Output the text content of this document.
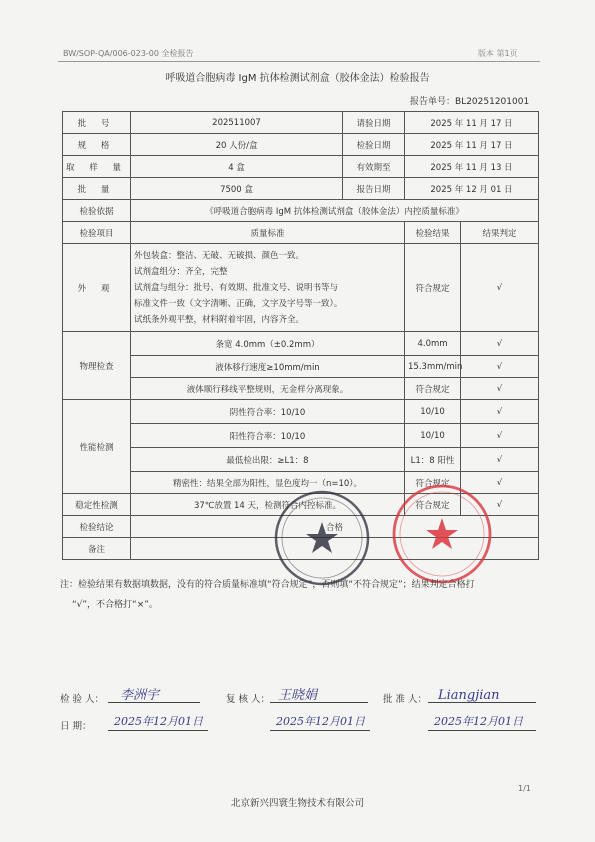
BW/SOP-QA/006-023-00 全检报告	版本 第1页
呼吸道合胞病毒 IgM 抗体检测试剂盒（胶体金法）检验报告
报告单号：BL20251201001
批 号	202511007	请验日期	2025 年 11 月 17 日	
规 格	20 人份/盒	检验日期	2025 年 11 月 17 日	
取 样 量	4 盒	有效期至	2025 年 11 月 13 日	
批 量	7500 盒	报告日期	2025 年 12 月 01 日	
检验依据	《呼吸道合胞病毒 IgM 抗体检测试剂盒（胶体金法）内控质量标准》			
检验项目	质量标准		检验结果	结果判定
外 观	外包装盒：整洁、无破、无破损、颜色一致。
试剂盒组分：齐全，完整
试剂盒与组分：批号、有效期、批准文号、说明书等与
标准文件一致（文字清晰、正确，文字及字号等一致）。
试纸条外观平整，材料附着牢固，内容齐全。		符合规定	√
物理检查	条宽 4.0mm（±0.2mm）		4.0mm	√
	液体移行速度≥10mm/min		15.3mm/min	√
	液体顺行移线平整规则，无金样分离现象。		符合规定	√
性能检测	阴性符合率：10/10		10/10	√
	阳性符合率：10/10		10/10	√
	最低检出限：≥L1：8		L1：8 阳性	√
	精密性：结果全部为阳性，显色度均一（n=10）。		符合规定	√
稳定性检测	37℃放置 14 天，检测符合内控标准。		符合规定	√
检验结论	合格			
备注				
注：检验结果有数据填数据，没有的符合质量标准填“符合规定”，否则填“不符合规定”；结果判定合格打
“√”，不合格打“×”。
检 验 人：	李洲宇	复 核 人： 王晓娟	批 准 人： Liangjian
日 期：	2025年12月01日	2025年12月01日	2025年12月01日
1/1
北京新兴四寰生物技术有限公司
